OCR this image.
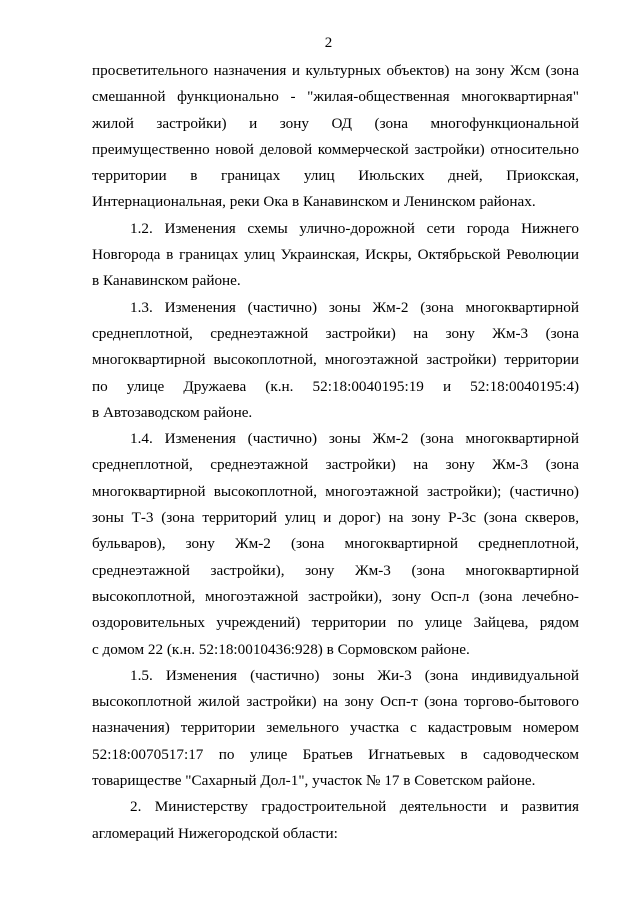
2
просветительного назначения и культурных объектов) на зону Жсм (зона
смешанной функционально - "жилая-общественная многоквартирная"
жилой застройки) и зону ОД (зона многофункциональной
преимущественно новой деловой коммерческой застройки) относительно
территории в границах улиц Июльских дней, Приокская,
Интернациональная, реки Ока в Канавинском и Ленинском районах.
1.2. Изменения схемы улично-дорожной сети города Нижнего
Новгорода в границах улиц Украинская, Искры, Октябрьской Революции
в Канавинском районе.
1.3. Изменения (частично) зоны Жм-2 (зона многоквартирной
среднеплотной, среднеэтажной застройки) на зону Жм-3 (зона
многоквартирной высокоплотной, многоэтажной застройки) территории
по улице Дружаева (к.н. 52:18:0040195:19 и 52:18:0040195:4)
в Автозаводском районе.
1.4. Изменения (частично) зоны Жм-2 (зона многоквартирной
среднеплотной, среднеэтажной застройки) на зону Жм-3 (зона
многоквартирной высокоплотной, многоэтажной застройки); (частично)
зоны Т-3 (зона территорий улиц и дорог) на зону Р-3с (зона скверов,
бульваров), зону Жм-2 (зона многоквартирной среднеплотной,
среднеэтажной застройки), зону Жм-3 (зона многоквартирной
высокоплотной, многоэтажной застройки), зону Осп-л (зона лечебно-
оздоровительных учреждений) территории по улице Зайцева, рядом
с домом 22 (к.н. 52:18:0010436:928) в Сормовском районе.
1.5. Изменения (частично) зоны Жи-3 (зона индивидуальной
высокоплотной жилой застройки) на зону Осп-т (зона торгово-бытового
назначения) территории земельного участка с кадастровым номером
52:18:0070517:17 по улице Братьев Игнатьевых в садоводческом
товариществе "Сахарный Дол-1", участок № 17 в Советском районе.
2. Министерству градостроительной деятельности и развития
агломераций Нижегородской области:
